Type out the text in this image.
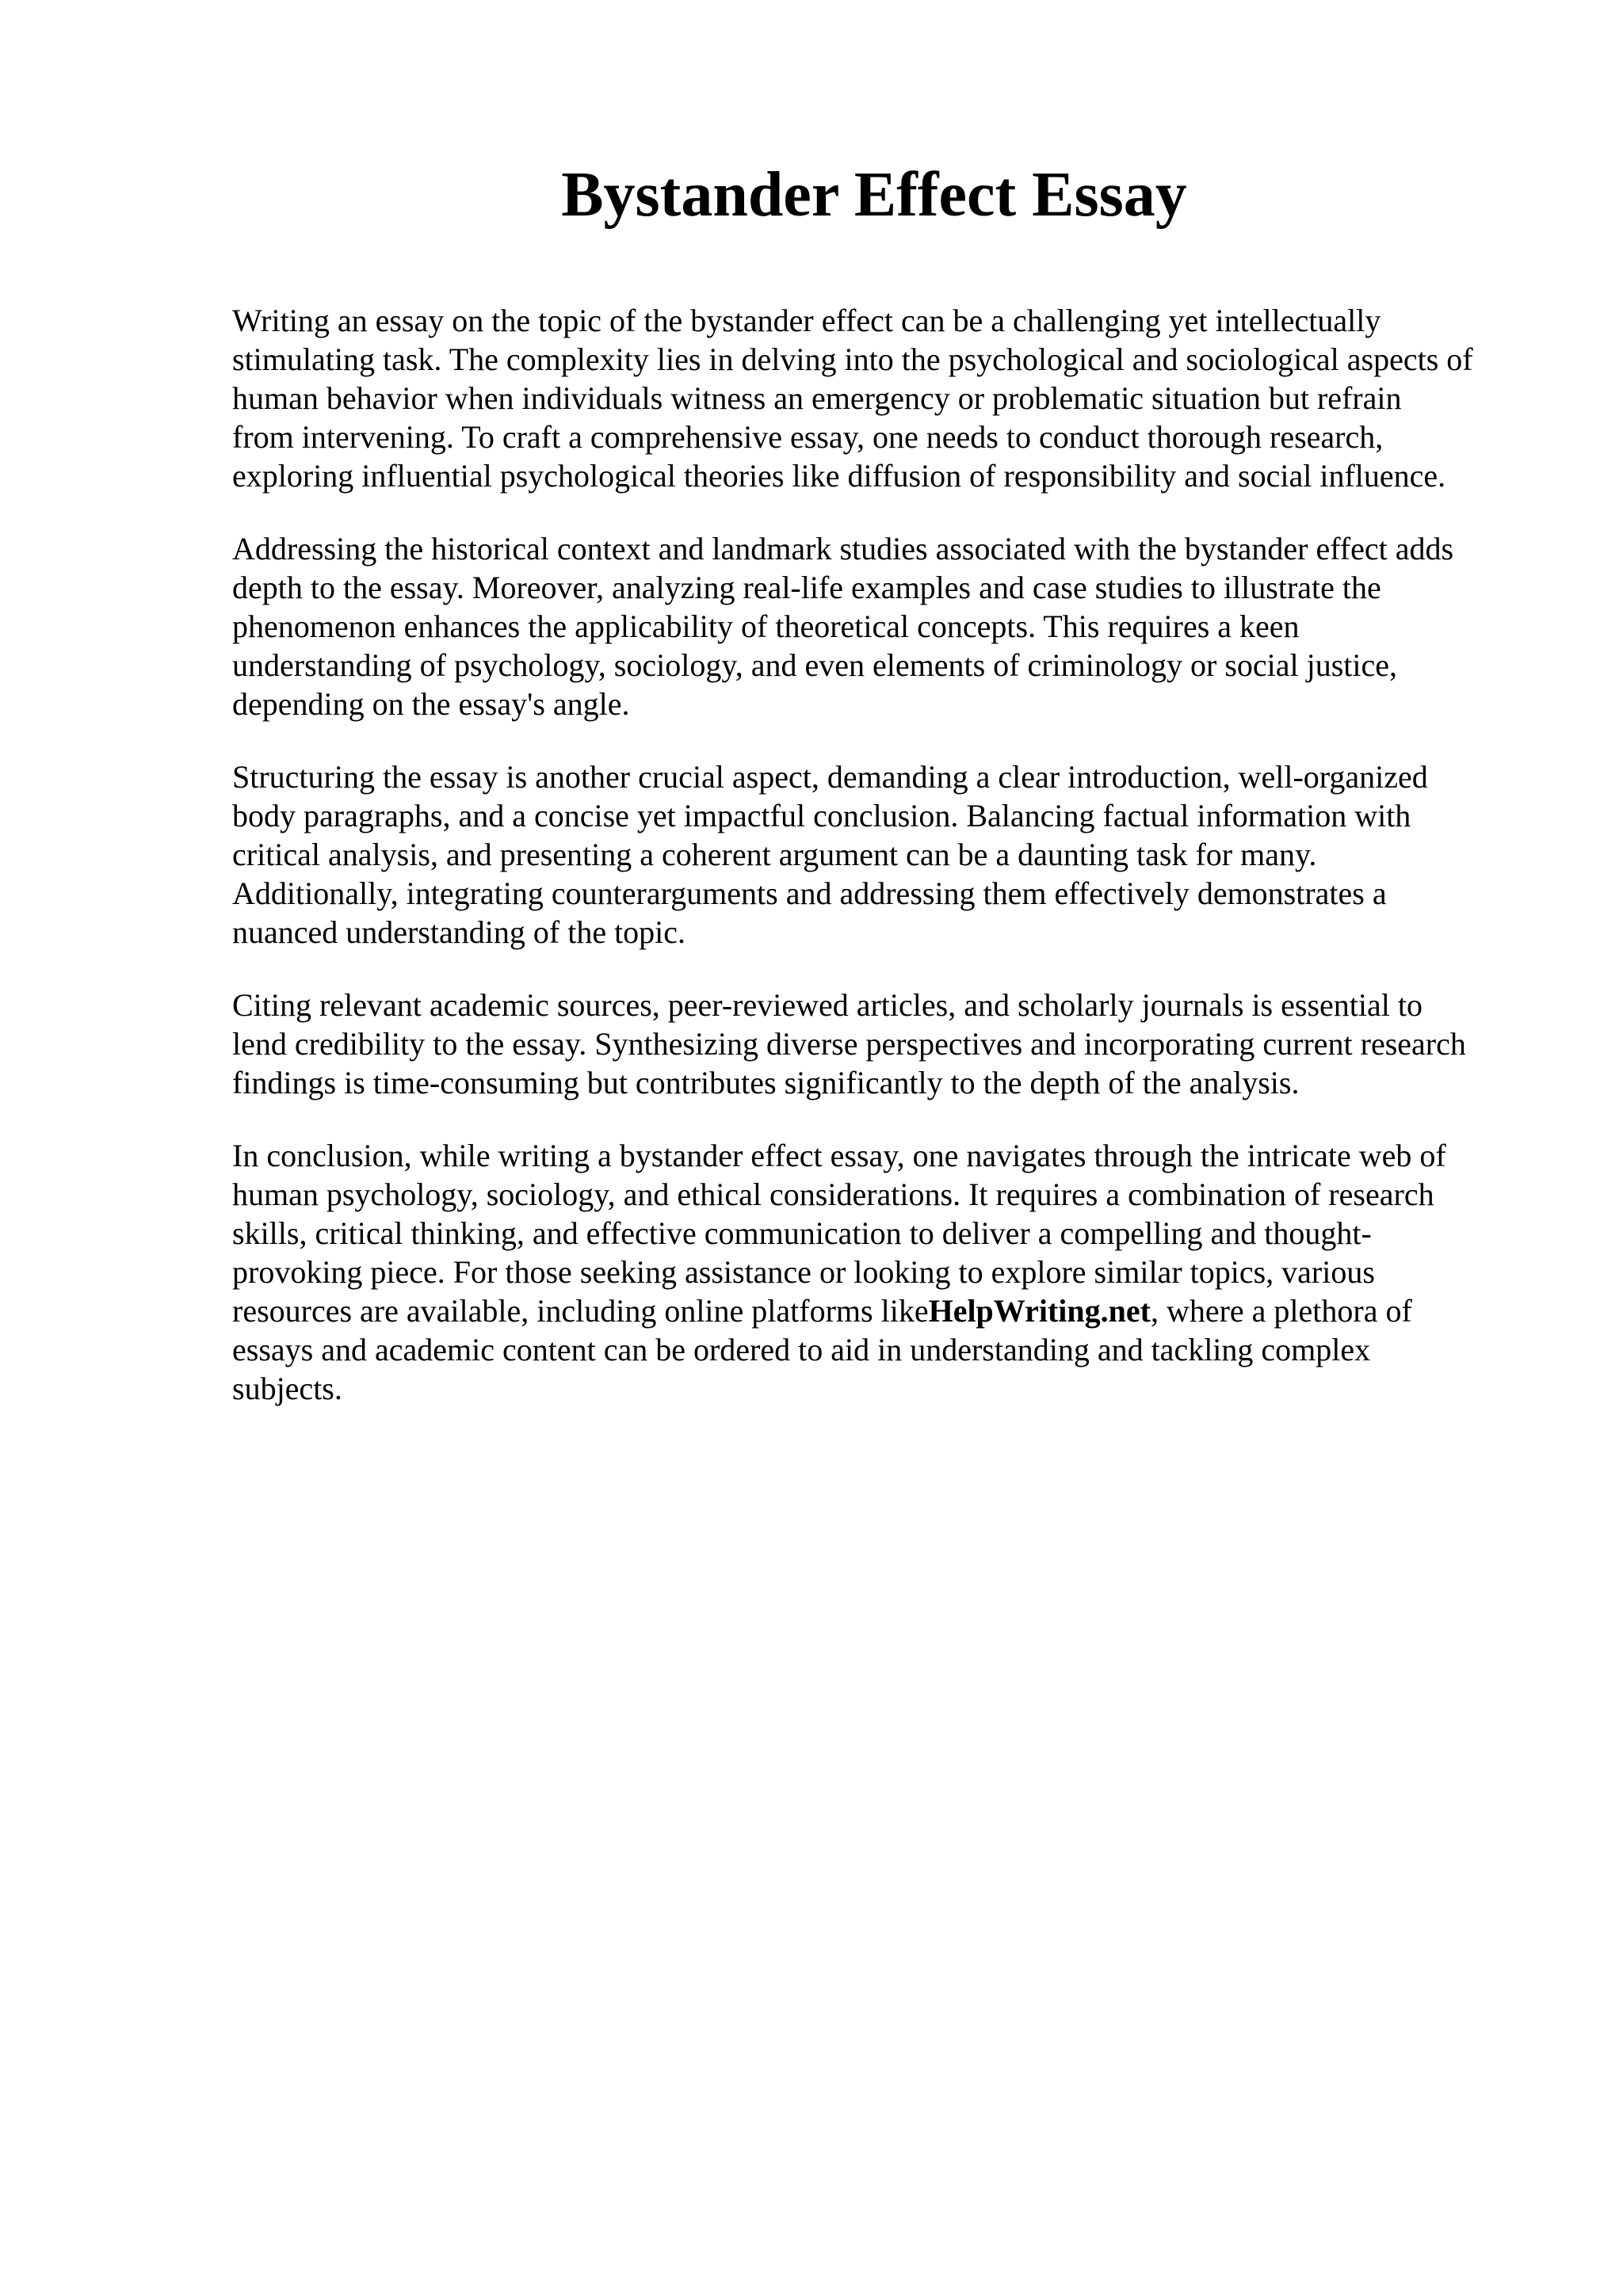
Bystander Effect Essay

Writing an essay on the topic of the bystander effect can be a challenging yet intellectually
stimulating task. The complexity lies in delving into the psychological and sociological aspects of
human behavior when individuals witness an emergency or problematic situation but refrain
from intervening. To craft a comprehensive essay, one needs to conduct thorough research,
exploring influential psychological theories like diffusion of responsibility and social influence.

Addressing the historical context and landmark studies associated with the bystander effect adds
depth to the essay. Moreover, analyzing real-life examples and case studies to illustrate the
phenomenon enhances the applicability of theoretical concepts. This requires a keen
understanding of psychology, sociology, and even elements of criminology or social justice,
depending on the essay's angle.

Structuring the essay is another crucial aspect, demanding a clear introduction, well-organized
body paragraphs, and a concise yet impactful conclusion. Balancing factual information with
critical analysis, and presenting a coherent argument can be a daunting task for many.
Additionally, integrating counterarguments and addressing them effectively demonstrates a
nuanced understanding of the topic.

Citing relevant academic sources, peer-reviewed articles, and scholarly journals is essential to
lend credibility to the essay. Synthesizing diverse perspectives and incorporating current research
findings is time-consuming but contributes significantly to the depth of the analysis.

In conclusion, while writing a bystander effect essay, one navigates through the intricate web of
human psychology, sociology, and ethical considerations. It requires a combination of research
skills, critical thinking, and effective communication to deliver a compelling and thought-
provoking piece. For those seeking assistance or looking to explore similar topics, various
resources are available, including online platforms likeHelpWriting.net, where a plethora of
essays and academic content can be ordered to aid in understanding and tackling complex
subjects.
